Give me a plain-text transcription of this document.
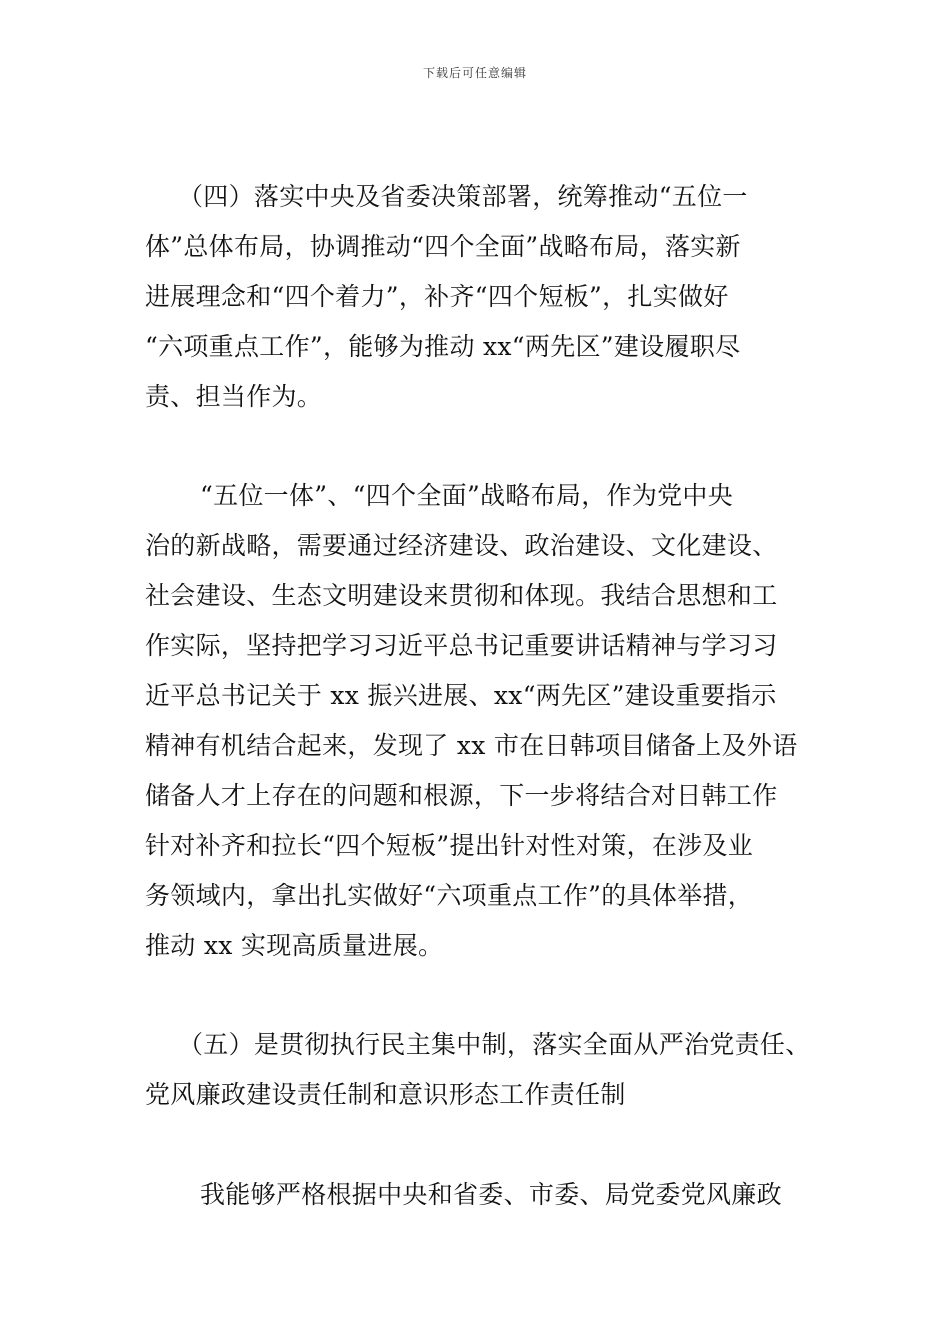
下载后可任意编辑
（四）落实中央及省委决策部署，统筹推动“五位一
体”总体布局，协调推动“四个全面”战略布局，落实新
进展理念和“四个着力”，补齐“四个短板”，扎实做好
“六项重点工作”，能够为推动 xx“两先区”建设履职尽
责、担当作为。
“五位一体”、“四个全面”战略布局，作为党中央
治的新战略，需要通过经济建设、政治建设、文化建设、
社会建设、生态文明建设来贯彻和体现。我结合思想和工
作实际，坚持把学习习近平总书记重要讲话精神与学习习
近平总书记关于 xx 振兴进展、xx“两先区”建设重要指示
精神有机结合起来，发现了 xx 市在日韩项目储备上及外语
储备人才上存在的问题和根源，下一步将结合对日韩工作
针对补齐和拉长“四个短板”提出针对性对策，在涉及业
务领域内，拿出扎实做好“六项重点工作”的具体举措，
推动 xx 实现高质量进展。
（五）是贯彻执行民主集中制，落实全面从严治党责任、
党风廉政建设责任制和意识形态工作责任制
我能够严格根据中央和省委、市委、局党委党风廉政
